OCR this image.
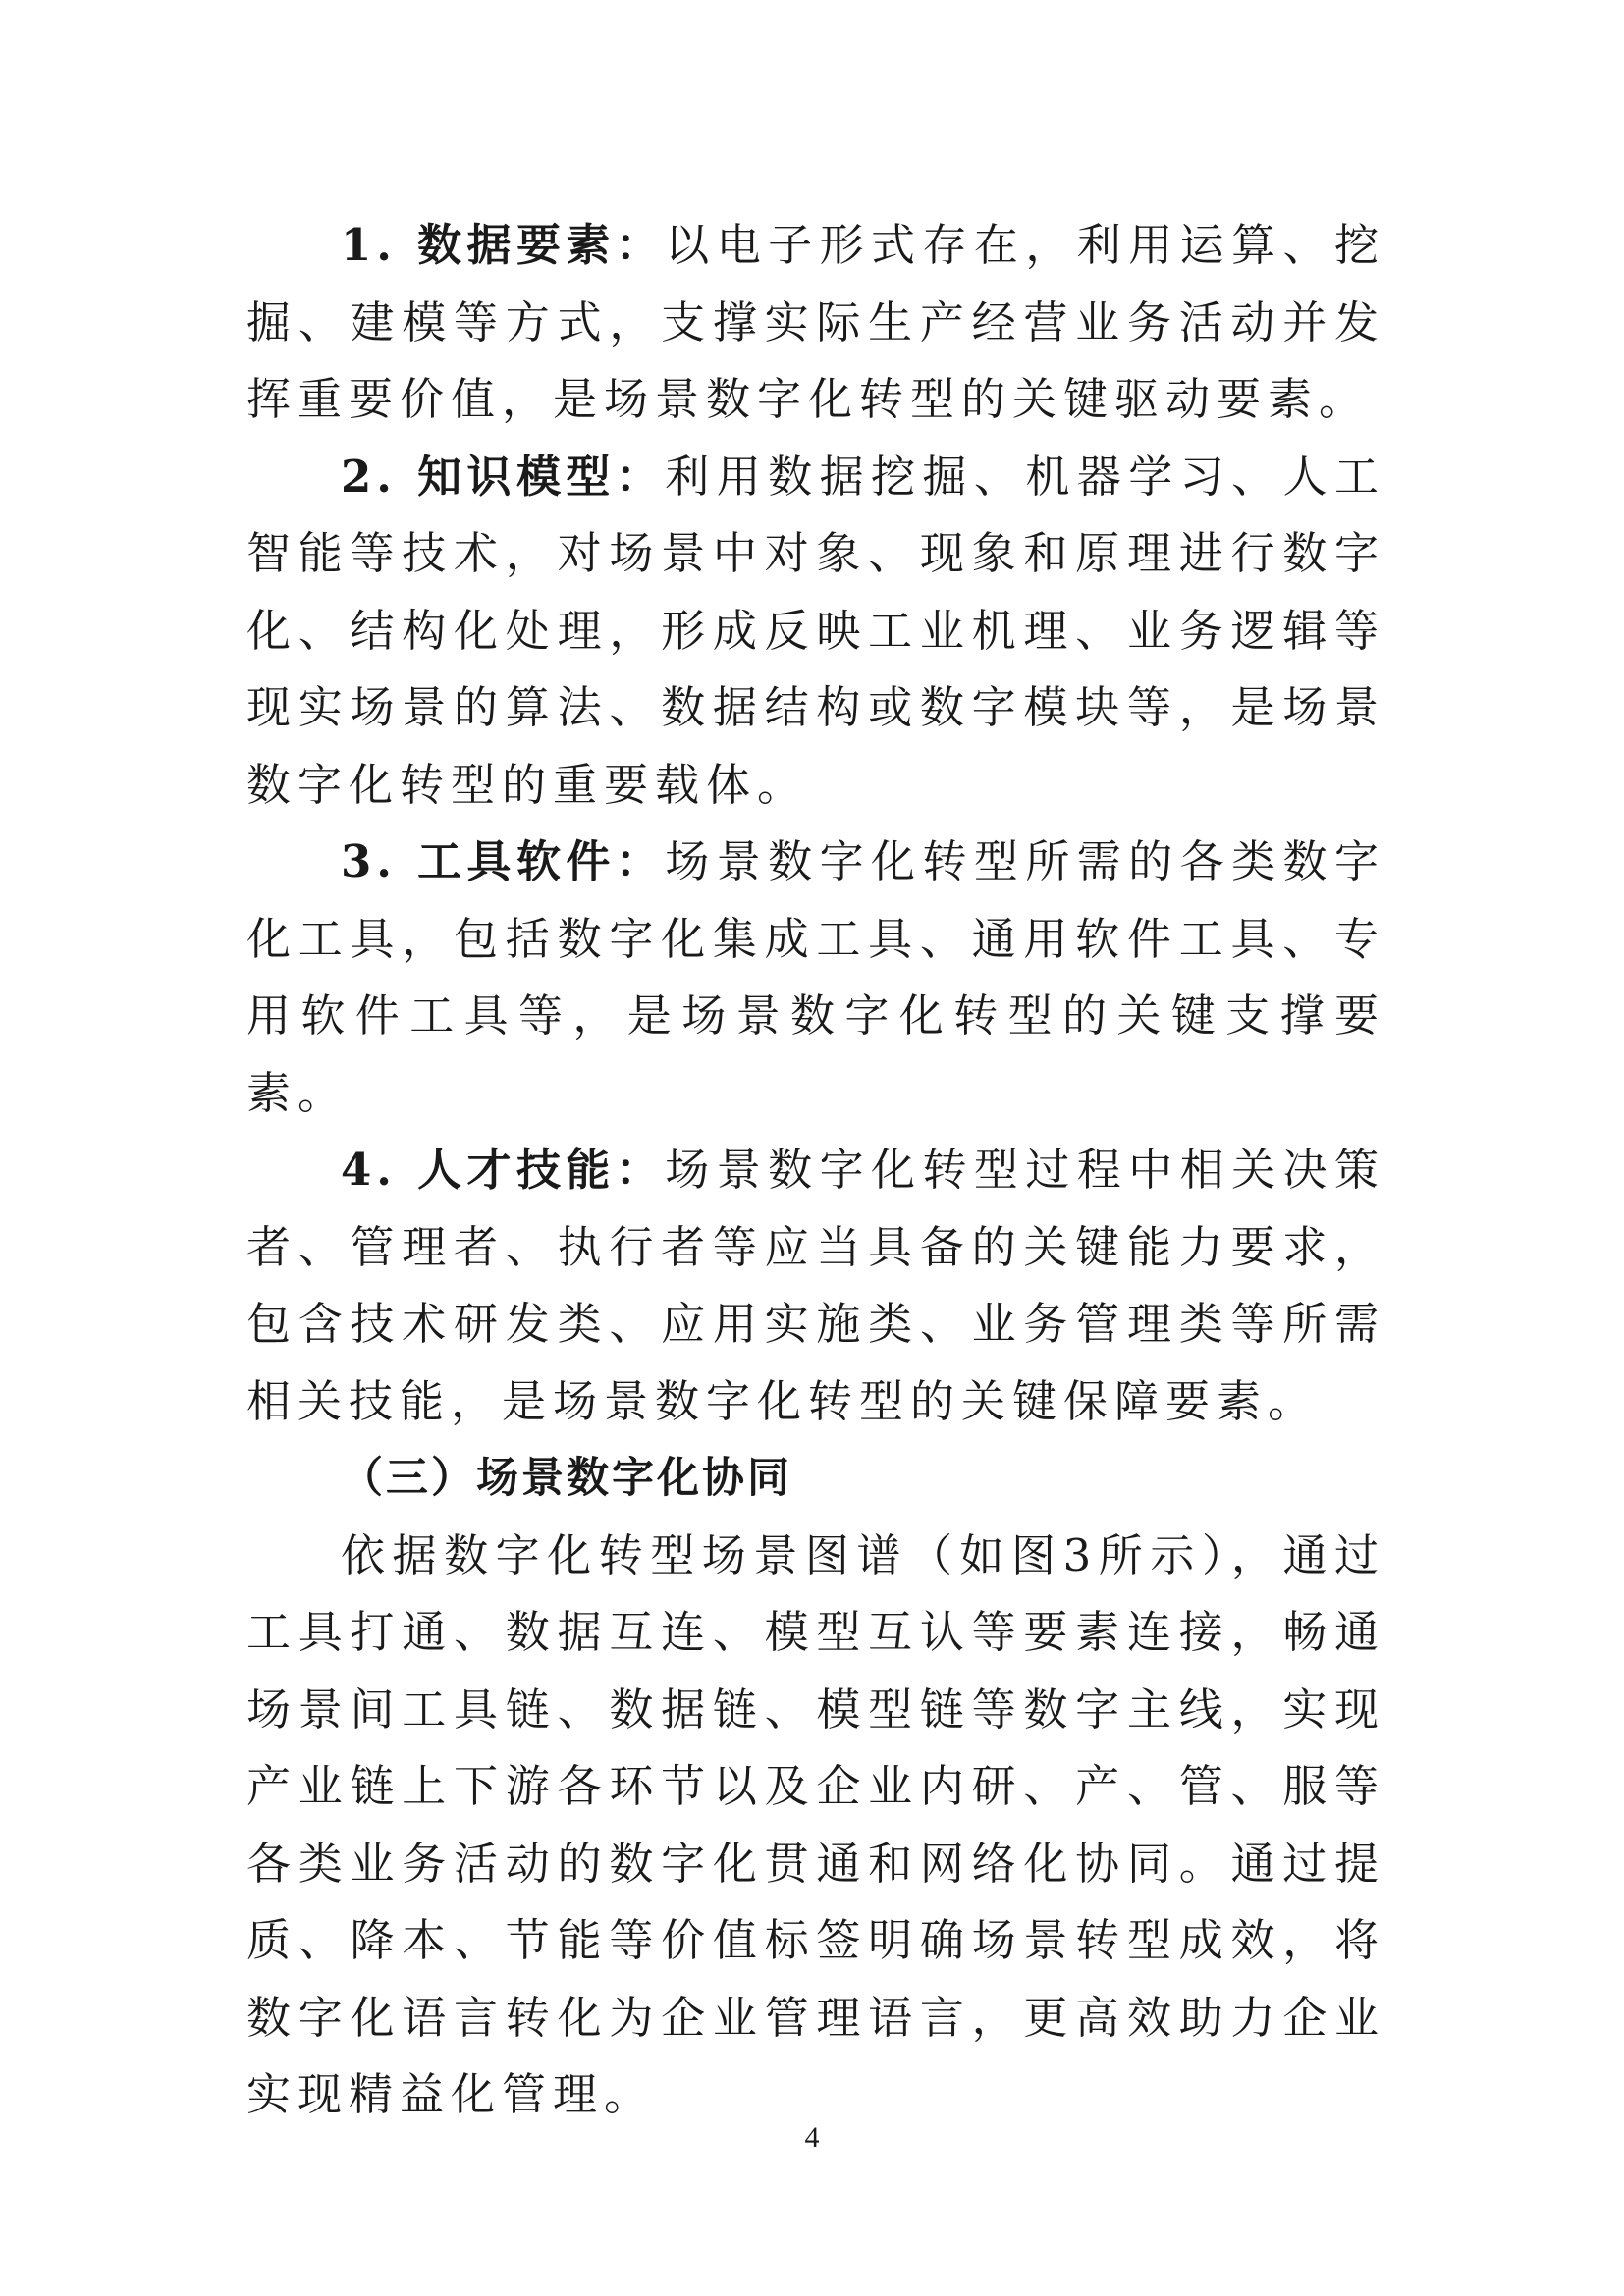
1. 数据要素：以电子形式存在，利用运算、挖掘、建模等方式，支撑实际生产经营业务活动并发挥重要价值，是场景数字化转型的关键驱动要素。

2. 知识模型：利用数据挖掘、机器学习、人工智能等技术，对场景中对象、现象和原理进行数字化、结构化处理，形成反映工业机理、业务逻辑等现实场景的算法、数据结构或数字模块等，是场景数字化转型的重要载体。

3. 工具软件：场景数字化转型所需的各类数字化工具，包括数字化集成工具、通用软件工具、专用软件工具等，是场景数字化转型的关键支撑要素。

4. 人才技能：场景数字化转型过程中相关决策者、管理者、执行者等应当具备的关键能力要求，包含技术研发类、应用实施类、业务管理类等所需相关技能，是场景数字化转型的关键保障要素。

（三）场景数字化协同

依据数字化转型场景图谱（如图3所示），通过工具打通、数据互连、模型互认等要素连接，畅通场景间工具链、数据链、模型链等数字主线，实现产业链上下游各环节以及企业内研、产、管、服等各类业务活动的数字化贯通和网络化协同。通过提质、降本、节能等价值标签明确场景转型成效，将数字化语言转化为企业管理语言，更高效助力企业实现精益化管理。

4
